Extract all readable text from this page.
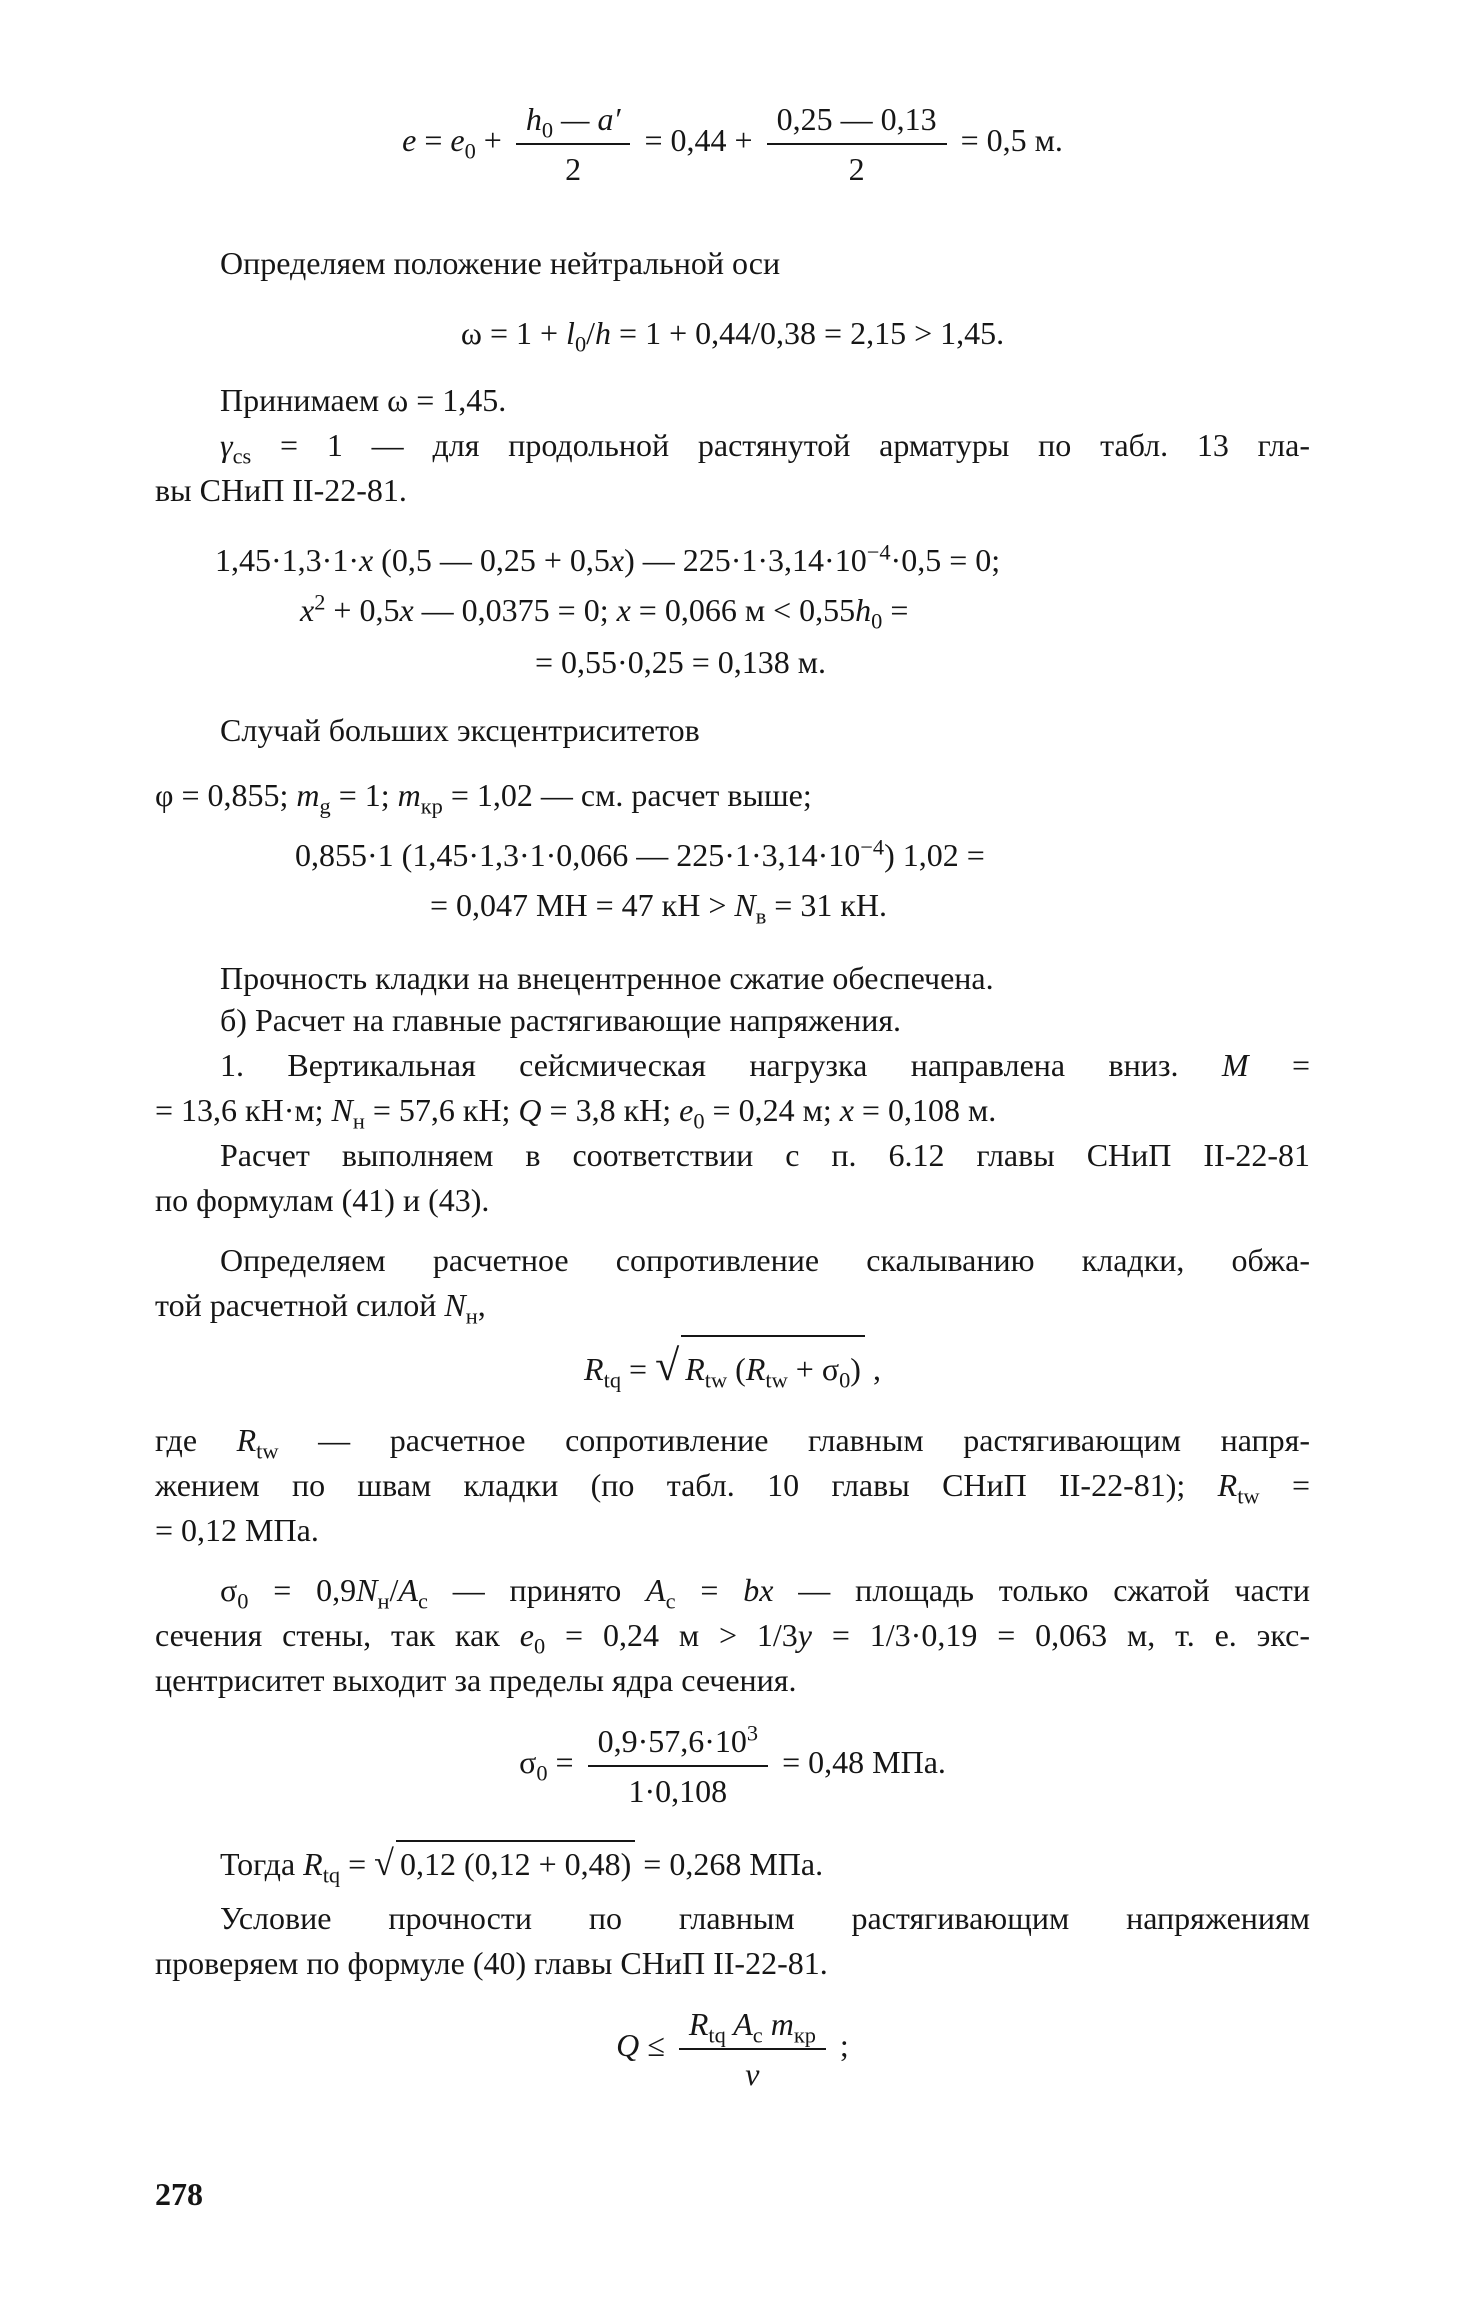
$e = e_0 + \frac{h_0 — a'}{2} = 0,44 + \frac{0,25 — 0,13}{2} = 0,5$ м.
Определяем положение нейтральной оси
$\omega = 1 + l_0/h = 1 + 0,44/0,38 = 2,15 > 1,45$.
Принимаем ω = 1,45.
$\gamma_{cs} = 1$ — для продольной растянутой арматуры по табл. 13 гла-
вы СНиП II-22-81.
1,45·1,3·1·x (0,5 — 0,25 + 0,5x) — $225\cdot 1\cdot 3,14\cdot 10^{-4}\cdot 0,5 = 0$;
$x^2 + 0,5x$ — 0,0375 = 0; x = 0,066 $м < 0,55h_0$ =
= 0,55·0,25 = 0,138 м.
Случай больших эксцентриситетов
φ = 0,855; $m_g = 1$; $m_{кр} = 1,02$ — см. расчет выше;
0,855·1 (1,45·1,3·1·0,066 — $225\cdot 1\cdot 3,14\cdot 10^{-4}$) 1,02 =
= 0,047 МН = 47 кН > $N_в = 31$ кН.
Прочность кладки на внецентренное сжатие обеспечена.
б) Расчет на главные растягивающие напряжения.
1. Вертикальная сейсмическая нагрузка направлена вниз. M =
= 13,6 кН·м; $N_н = 57,6$ кН; Q = 3,8 кН; $e_0 = 0,24$ м; x = 0,108 м.
Расчет выполняем в соответствии с п. 6.12 главы СНиП II-22-81
по формулам (41) и (43).
Определяем расчетное сопротивление скалыванию кладки, обжа-
той расчетной силой $N_н$,
$R_{tq}$ = √ $R_{tw}$ $(R_{tw} + \sigma_0)$ ,
где $R_{tw}$ — расчетное сопротивление главным растягивающим напря-
жением по швам кладки (по табл. 10 главы СНиП II-22-81); $R_{tw}$ =
= 0,12 МПа.
$\sigma_0 = 0,9N_н/A_c$ — принято $A_c$ = bx — площадь только сжатой части
сечения стены, так как $e_0 = 0,24$ м > 1/3y = 1/3·0,19 = 0,063 м, т. е. экс-
центриситет выходит за пределы ядра сечения.
$\sigma_0 = \frac{0,9\cdot 57,6\cdot 10^3}{1\cdot 0,108} = 0,48$ МПа.
Тогда $R_{tq}$ = √ 0,12 (0,12 + 0,48) = 0,268 МПа.
Условие прочности по главным растягивающим напряжениям
проверяем по формуле (40) главы СНиП II-22-81.
$Q \le \frac{R_{tq} A_c m_{кр}}{v}$ ;
278
